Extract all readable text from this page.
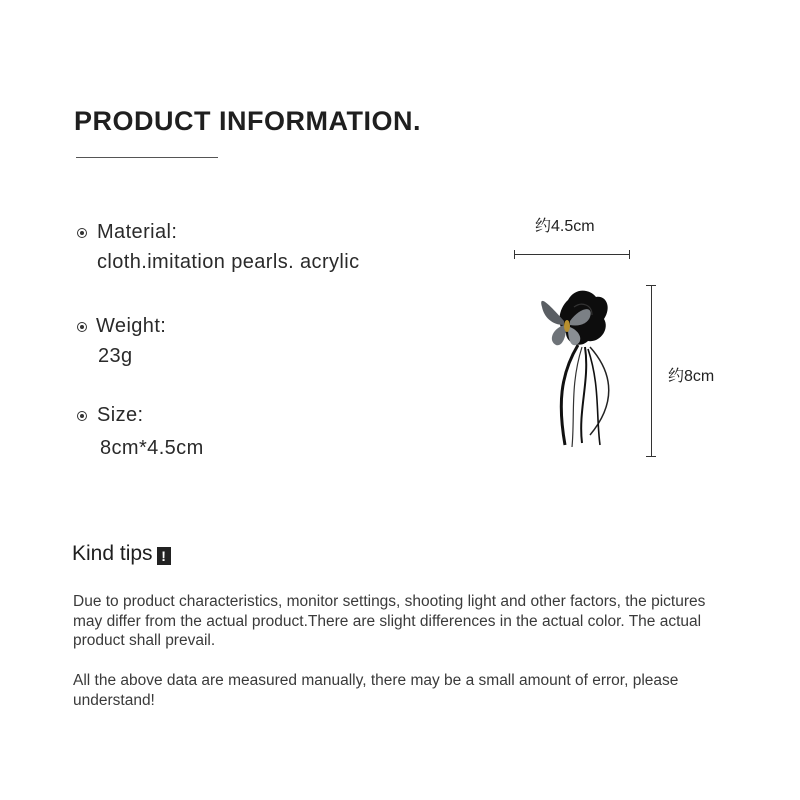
PRODUCT INFORMATION.
Material:
cloth.imitation pearls. acrylic
Weight:
23g
Size:
8cm*4.5cm
约4.5cm
约8cm
Kind tips !
Due to product characteristics, monitor settings, shooting light and other factors, the pictures may differ from the actual product.There are slight differences in the actual color. The actual product shall prevail.
All the above data are measured manually, there may be a small amount of error, please understand!
